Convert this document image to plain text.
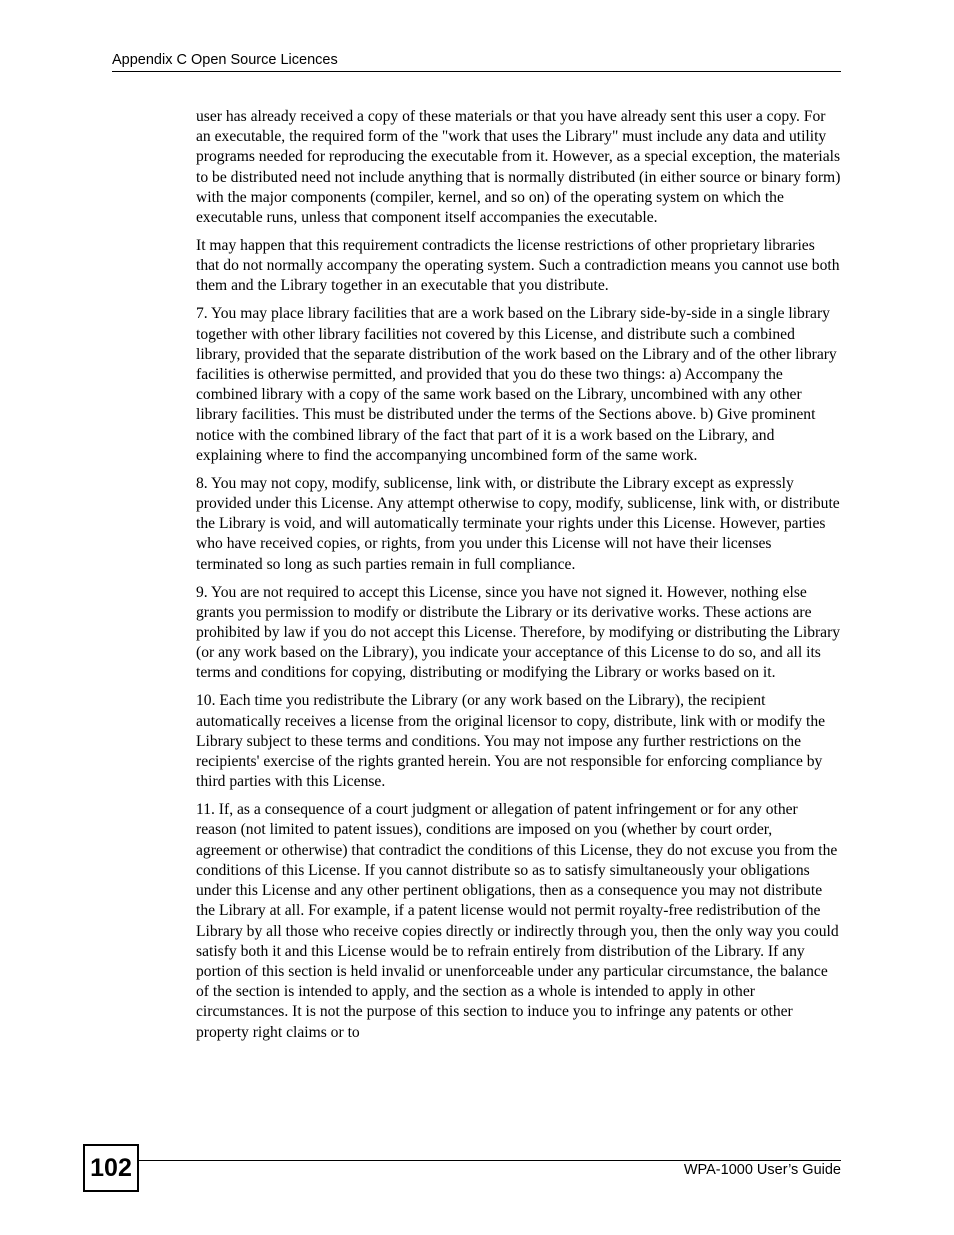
Appendix C Open Source Licences

user has already received a copy of these materials or that you have already sent this user a copy. For an executable, the required form of the "work that uses the Library" must include any data and utility programs needed for reproducing the executable from it. However, as a special exception, the materials to be distributed need not include anything that is normally distributed (in either source or binary form) with the major components (compiler, kernel, and so on) of the operating system on which the executable runs, unless that component itself accompanies the executable.

It may happen that this requirement contradicts the license restrictions of other proprietary libraries that do not normally accompany the operating system. Such a contradiction means you cannot use both them and the Library together in an executable that you distribute.

7. You may place library facilities that are a work based on the Library side-by-side in a single library together with other library facilities not covered by this License, and distribute such a combined library, provided that the separate distribution of the work based on the Library and of the other library facilities is otherwise permitted, and provided that you do these two things: a) Accompany the combined library with a copy of the same work based on the Library, uncombined with any other library facilities. This must be distributed under the terms of the Sections above. b) Give prominent notice with the combined library of the fact that part of it is a work based on the Library, and explaining where to find the accompanying uncombined form of the same work.

8. You may not copy, modify, sublicense, link with, or distribute the Library except as expressly provided under this License. Any attempt otherwise to copy, modify, sublicense, link with, or distribute the Library is void, and will automatically terminate your rights under this License. However, parties who have received copies, or rights, from you under this License will not have their licenses terminated so long as such parties remain in full compliance.

9. You are not required to accept this License, since you have not signed it. However, nothing else grants you permission to modify or distribute the Library or its derivative works. These actions are prohibited by law if you do not accept this License. Therefore, by modifying or distributing the Library (or any work based on the Library), you indicate your acceptance of this License to do so, and all its terms and conditions for copying, distributing or modifying the Library or works based on it.

10. Each time you redistribute the Library (or any work based on the Library), the recipient automatically receives a license from the original licensor to copy, distribute, link with or modify the Library subject to these terms and conditions. You may not impose any further restrictions on the recipients' exercise of the rights granted herein. You are not responsible for enforcing compliance by third parties with this License.

11. If, as a consequence of a court judgment or allegation of patent infringement or for any other reason (not limited to patent issues), conditions are imposed on you (whether by court order, agreement or otherwise) that contradict the conditions of this License, they do not excuse you from the conditions of this License. If you cannot distribute so as to satisfy simultaneously your obligations under this License and any other pertinent obligations, then as a consequence you may not distribute the Library at all. For example, if a patent license would not permit royalty-free redistribution of the Library by all those who receive copies directly or indirectly through you, then the only way you could satisfy both it and this License would be to refrain entirely from distribution of the Library. If any portion of this section is held invalid or unenforceable under any particular circumstance, the balance of the section is intended to apply, and the section as a whole is intended to apply in other circumstances. It is not the purpose of this section to induce you to infringe any patents or other property right claims or to

102	WPA-1000 User’s Guide
